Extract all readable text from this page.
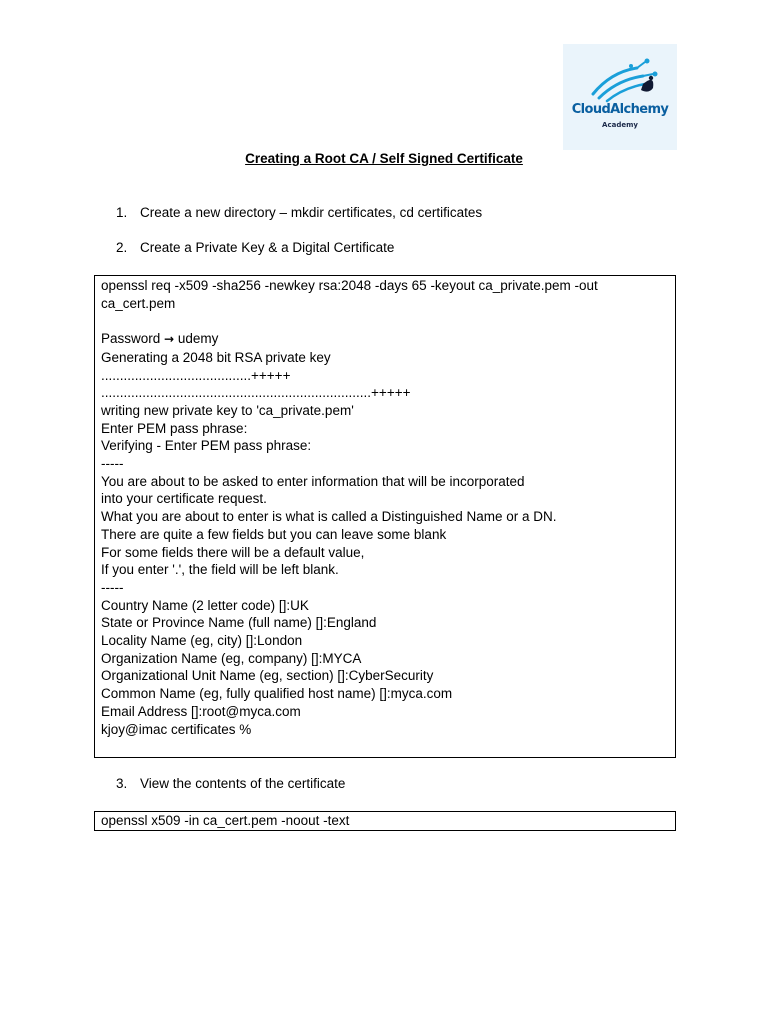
CloudAlchemy
Academy
Creating a Root CA / Self Signed Certificate
1. Create a new directory – mkdir certificates, cd certificates
2. Create a Private Key & a Digital Certificate
openssl req -x509 -sha256 -newkey rsa:2048 -days 65 -keyout ca_private.pem -out ca_cert.pem
Password → udemy
Generating a 2048 bit RSA private key
........................................+++++
........................................................................+++++
writing new private key to 'ca_private.pem'
Enter PEM pass phrase:
Verifying - Enter PEM pass phrase:
-----
You are about to be asked to enter information that will be incorporated
into your certificate request.
What you are about to enter is what is called a Distinguished Name or a DN.
There are quite a few fields but you can leave some blank
For some fields there will be a default value,
If you enter '.', the field will be left blank.
-----
Country Name (2 letter code) []:UK
State or Province Name (full name) []:England
Locality Name (eg, city) []:London
Organization Name (eg, company) []:MYCA
Organizational Unit Name (eg, section) []:CyberSecurity
Common Name (eg, fully qualified host name) []:myca.com
Email Address []:root@myca.com
kjoy@imac certificates %
3. View the contents of the certificate
openssl x509 -in ca_cert.pem -noout -text
